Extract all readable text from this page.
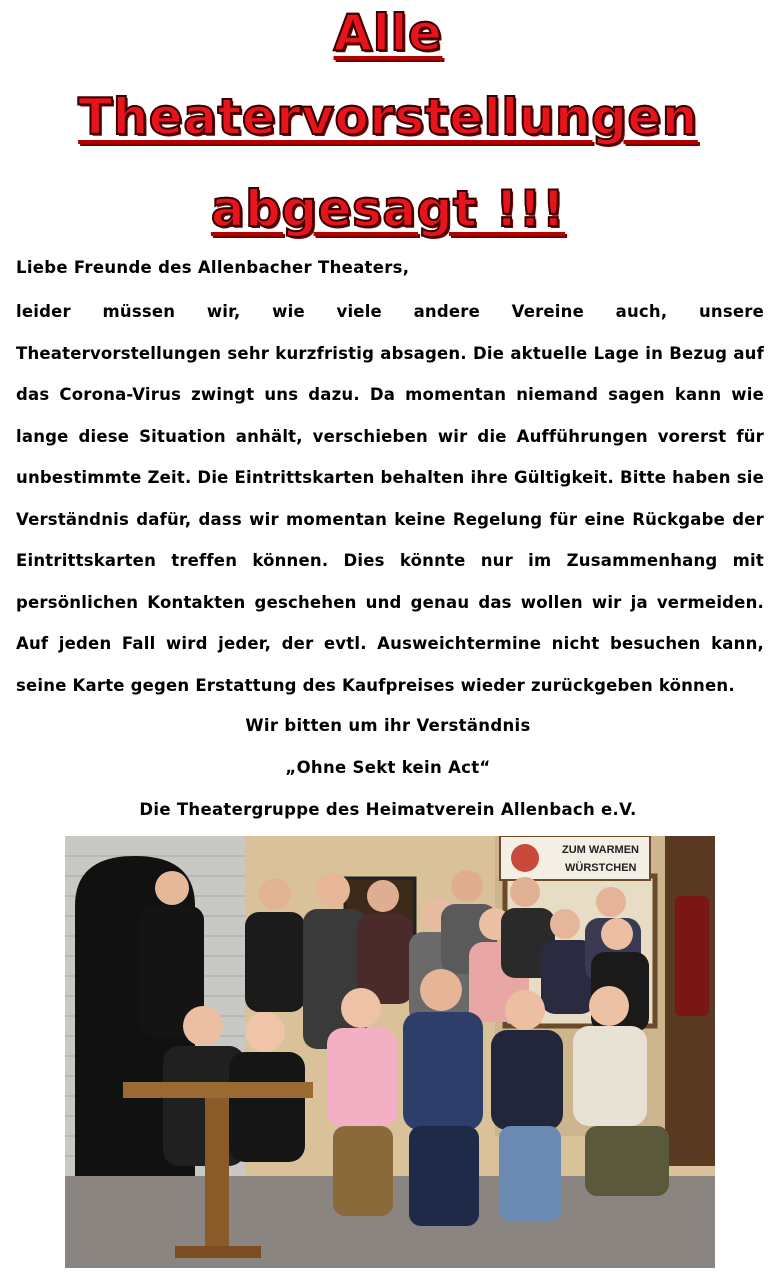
Alle
Theatervorstellungen
abgesagt !!!
Liebe Freunde des Allenbacher Theaters,
leider müssen wir, wie viele andere Vereine auch, unsere Theatervorstellungen sehr kurzfristig absagen. Die aktuelle Lage in Bezug auf das Corona-Virus zwingt uns dazu. Da momentan niemand sagen kann wie lange diese Situation anhält, verschieben wir die Aufführungen vorerst für unbestimmte Zeit. Die Eintrittskarten behalten ihre Gültigkeit. Bitte haben sie Verständnis dafür, dass wir momentan keine Regelung für eine Rückgabe der Eintrittskarten treffen können. Dies könnte nur im Zusammenhang mit persönlichen Kontakten geschehen und genau das wollen wir ja vermeiden. Auf jeden Fall wird jeder, der evtl. Ausweichtermine nicht besuchen kann, seine Karte gegen Erstattung des Kaufpreises wieder zurückgeben können.
Wir bitten um ihr Verständnis
„Ohne Sekt kein Act“
Die Theatergruppe des Heimatverein Allenbach e.V.
ZUM WARMEN
WÜRSTCHEN
